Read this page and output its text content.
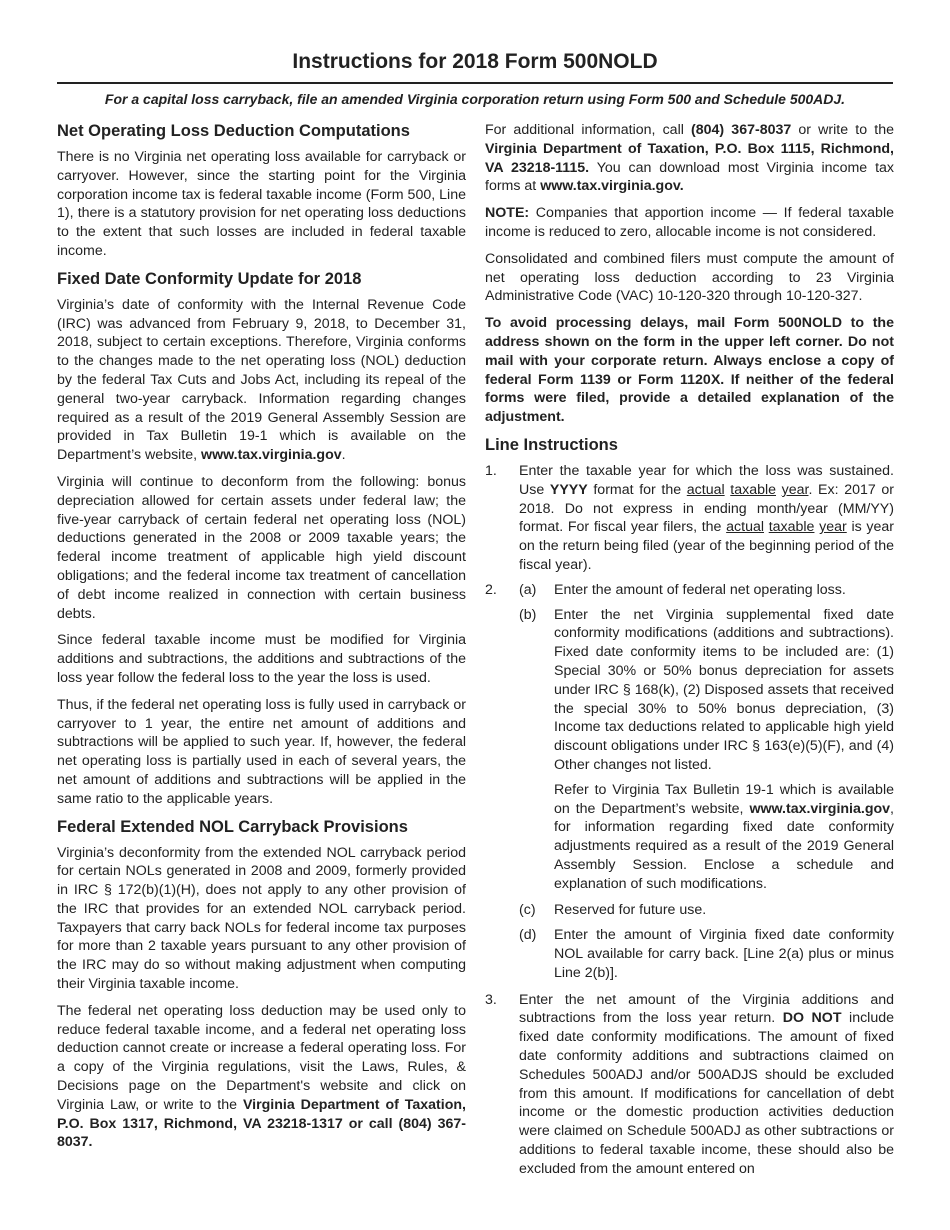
Instructions for 2018 Form 500NOLD

For a capital loss carryback, file an amended Virginia corporation return using Form 500 and Schedule 500ADJ.

Net Operating Loss Deduction Computations

There is no Virginia net operating loss available for carryback or carryover. However, since the starting point for the Virginia corporation income tax is federal taxable income (Form 500, Line 1), there is a statutory provision for net operating loss deductions to the extent that such losses are included in federal taxable income.

Fixed Date Conformity Update for 2018

Virginia’s date of conformity with the Internal Revenue Code (IRC) was advanced from February 9, 2018, to December 31, 2018, subject to certain exceptions. Therefore, Virginia conforms to the changes made to the net operating loss (NOL) deduction by the federal Tax Cuts and Jobs Act, including its repeal of the general two-year carryback. Information regarding changes required as a result of the 2019 General Assembly Session are provided in Tax Bulletin 19-1 which is available on the Department’s website, www.tax.virginia.gov.

Virginia will continue to deconform from the following: bonus depreciation allowed for certain assets under federal law; the five-year carryback of certain federal net operating loss (NOL) deductions generated in the 2008 or 2009 taxable years; the federal income treatment of applicable high yield discount obligations; and the federal income tax treatment of cancellation of debt income realized in connection with certain business debts.

Since federal taxable income must be modified for Virginia additions and subtractions, the additions and subtractions of the loss year follow the federal loss to the year the loss is used.

Thus, if the federal net operating loss is fully used in carryback or carryover to 1 year, the entire net amount of additions and subtractions will be applied to such year. If, however, the federal net operating loss is partially used in each of several years, the net amount of additions and subtractions will be applied in the same ratio to the applicable years.

Federal Extended NOL Carryback Provisions

Virginia’s deconformity from the extended NOL carryback period for certain NOLs generated in 2008 and 2009, formerly provided in IRC § 172(b)(1)(H), does not apply to any other provision of the IRC that provides for an extended NOL carryback period. Taxpayers that carry back NOLs for federal income tax purposes for more than 2 taxable years pursuant to any other provision of the IRC may do so without making adjustment when computing their Virginia taxable income.

The federal net operating loss deduction may be used only to reduce federal taxable income, and a federal net operating loss deduction cannot create or increase a federal operating loss. For a copy of the Virginia regulations, visit the Laws, Rules, & Decisions page on the Department's website and click on Virginia Law, or write to the Virginia Department of Taxation, P.O. Box 1317, Richmond, VA 23218-1317 or call (804) 367-8037.

For additional information, call (804) 367-8037 or write to the Virginia Department of Taxation, P.O. Box 1115, Richmond, VA 23218-1115. You can download most Virginia income tax forms at www.tax.virginia.gov.

NOTE: Companies that apportion income — If federal taxable income is reduced to zero, allocable income is not considered.

Consolidated and combined filers must compute the amount of net operating loss deduction according to 23 Virginia Administrative Code (VAC) 10-120-320 through 10-120-327.

To avoid processing delays, mail Form 500NOLD to the address shown on the form in the upper left corner. Do not mail with your corporate return. Always enclose a copy of federal Form 1139 or Form 1120X. If neither of the federal forms were filed, provide a detailed explanation of the adjustment.

Line Instructions
1. Enter the taxable year for which the loss was sustained. Use YYYY format for the actual taxable year. Ex: 2017 or 2018. Do not express in ending month/year (MM/YY) format. For fiscal year filers, the actual taxable year is year on the return being filed (year of the beginning period of the fiscal year).
2. (a) Enter the amount of federal net operating loss.
(b) Enter the net Virginia supplemental fixed date conformity modifications (additions and subtractions). Fixed date conformity items to be included are: (1) Special 30% or 50% bonus depreciation for assets under IRC § 168(k), (2) Disposed assets that received the special 30% to 50% bonus depreciation, (3) Income tax deductions related to applicable high yield discount obligations under IRC § 163(e)(5)(F), and (4) Other changes not listed.

Refer to Virginia Tax Bulletin 19-1 which is available on the Department’s website, www.tax.virginia.gov, for information regarding fixed date conformity adjustments required as a result of the 2019 General Assembly Session. Enclose a schedule and explanation of such modifications.

(c) Reserved for future use.
(d) Enter the amount of Virginia fixed date conformity NOL available for carry back. [Line 2(a) plus or minus Line 2(b)].
3. Enter the net amount of the Virginia additions and subtractions from the loss year return. DO NOT include fixed date conformity modifications. The amount of fixed date conformity additions and subtractions claimed on Schedules 500ADJ and/or 500ADJS should be excluded from this amount. If modifications for cancellation of debt income or the domestic production activities deduction were claimed on Schedule 500ADJ as other subtractions or additions to federal taxable income, these should also be excluded from the amount entered on
